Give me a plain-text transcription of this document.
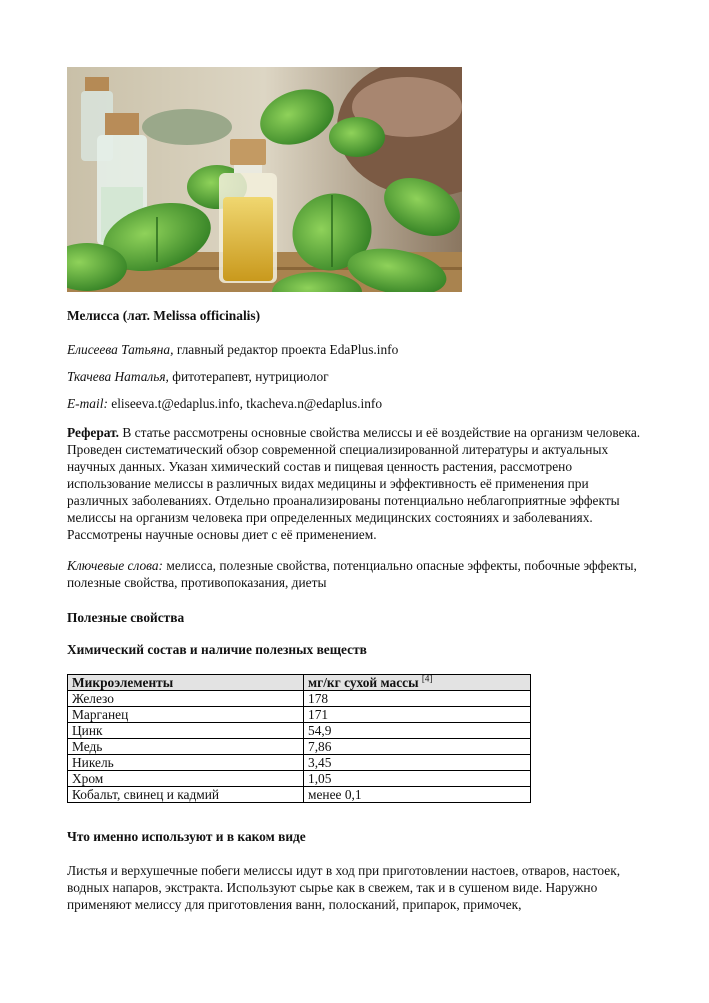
Мелисса (лат. Melissa officinalis)

Елисеева Татьяна, главный редактор проекта EdaPlus.info

Ткачева Наталья, фитотерапевт, нутрициолог

E-mail: eliseeva.t@edaplus.info, tkacheva.n@edaplus.info

Реферат. В статье рассмотрены основные свойства мелиссы и её воздействие на организм человека. Проведен систематический обзор современной специализированной литературы и актуальных научных данных. Указан химический состав и пищевая ценность растения, рассмотрено использование мелиссы в различных видах медицины и эффективность её применения при различных заболеваниях. Отдельно проанализированы потенциально неблагоприятные эффекты мелиссы на организм человека при определенных медицинских состояниях и заболеваниях. Рассмотрены научные основы диет с её применением.

Ключевые слова: мелисса, полезные свойства, потенциально опасные эффекты, побочные эффекты, полезные свойства, противопоказания, диеты

Полезные свойства

Химический состав и наличие полезных веществ

Микроэлементы	мг/кг сухой массы [4]
Железо	178
Марганец	171
Цинк	54,9
Медь	7,86
Никель	3,45
Хром	1,05
Кобальт, свинец и кадмий	менее 0,1

Что именно используют и в каком виде

Листья и верхушечные побеги мелиссы идут в ход при приготовлении настоев, отваров, настоек, водных напаров, экстракта. Используют сырье как в свежем, так и в сушеном виде. Наружно применяют мелиссу для приготовления ванн, полосканий, припарок, примочек,
